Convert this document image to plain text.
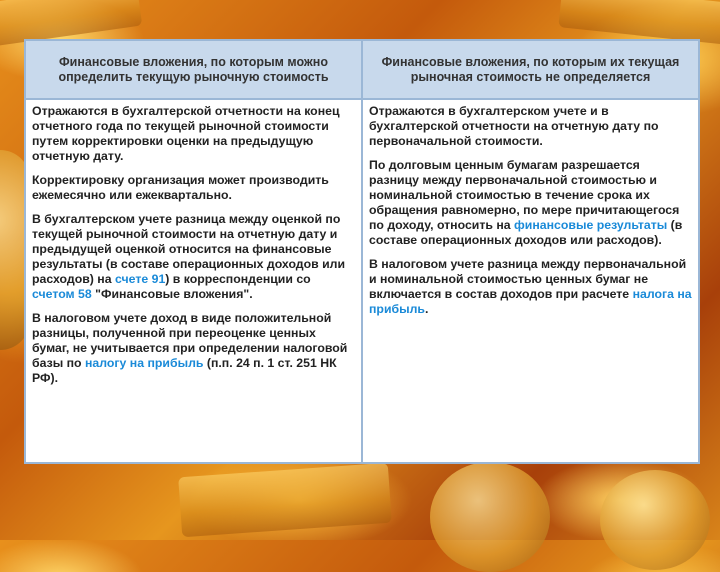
Финансовые вложения, по которым можно определить текущую рыночную стоимость
Финансовые вложения, по которым их текущая рыночная стоимость не определяется

Отражаются в бухгалтерской отчетности на конец отчетного года по текущей рыночной стоимости путем корректировки оценки на предыдущую отчетную дату.

Корректировку организация может производить ежемесячно или ежеквартально.

В бухгалтерском учете разница между оценкой по текущей рыночной стоимости на отчетную дату и предыдущей оценкой относится на финансовые результаты (в составе операционных доходов или расходов) на счете 91) в корреспонденции со счетом 58 "Финансовые вложения".

В налоговом учете доход в виде положительной разницы, полученной при переоценке ценных бумаг, не учитывается при определении налоговой базы по налогу на прибыль (п.п. 24 п. 1 ст. 251 НК РФ).

Отражаются в бухгалтерском учете и в бухгалтерской отчетности на отчетную дату по первоначальной стоимости.

По долговым ценным бумагам разрешается разницу между первоначальной стоимостью и номинальной стоимостью в течение срока их обращения равномерно, по мере причитающегося по доходу, относить на финансовые результаты (в составе операционных доходов или расходов).

В налоговом учете разница между первоначальной и номинальной стоимостью ценных бумаг не включается в состав доходов при расчете налога на прибыль.
